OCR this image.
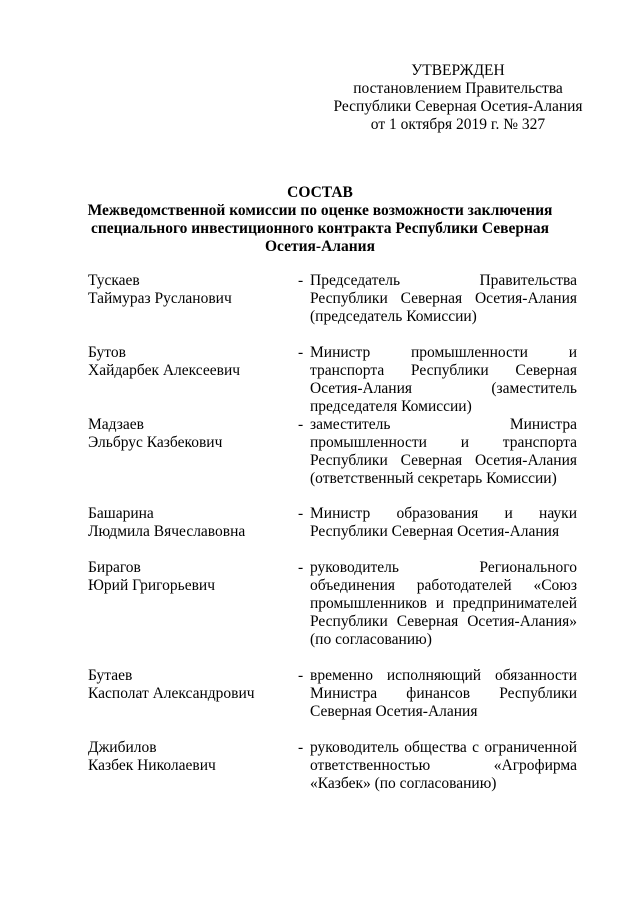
УТВЕРЖДЕН
постановлением Правительства
Республики Северная Осетия-Алания
от 1 октября 2019 г. № 327
СОСТАВ
Межведомственной комиссии по оценке возможности заключения
специального инвестиционного контракта Республики Северная
Осетия-Алания
Тускаев
Таймураз Русланович
- Председатель Правительства Республики Северная Осетия-Алания (председатель Комиссии)
Бутов
Хайдарбек Алексеевич
- Министр промышленности и транспорта Республики Северная Осетия-Алания (заместитель председателя Комиссии)
Мадзаев
Эльбрус Казбекович
- заместитель Министра промышленности и транспорта Республики Северная Осетия-Алания (ответственный секретарь Комиссии)
Башарина
Людмила Вячеславовна
- Министр образования и науки Республики Северная Осетия-Алания
Бирагов
Юрий Григорьевич
- руководитель Регионального объединения работодателей «Союз промышленников и предпринимателей Республики Северная Осетия-Алания» (по согласованию)
Бутаев
Касполат Александрович
- временно исполняющий обязанности Министра финансов Республики Северная Осетия-Алания
Джибилов
Казбек Николаевич
- руководитель общества с ограниченной ответственностью «Агрофирма «Казбек» (по согласованию)
